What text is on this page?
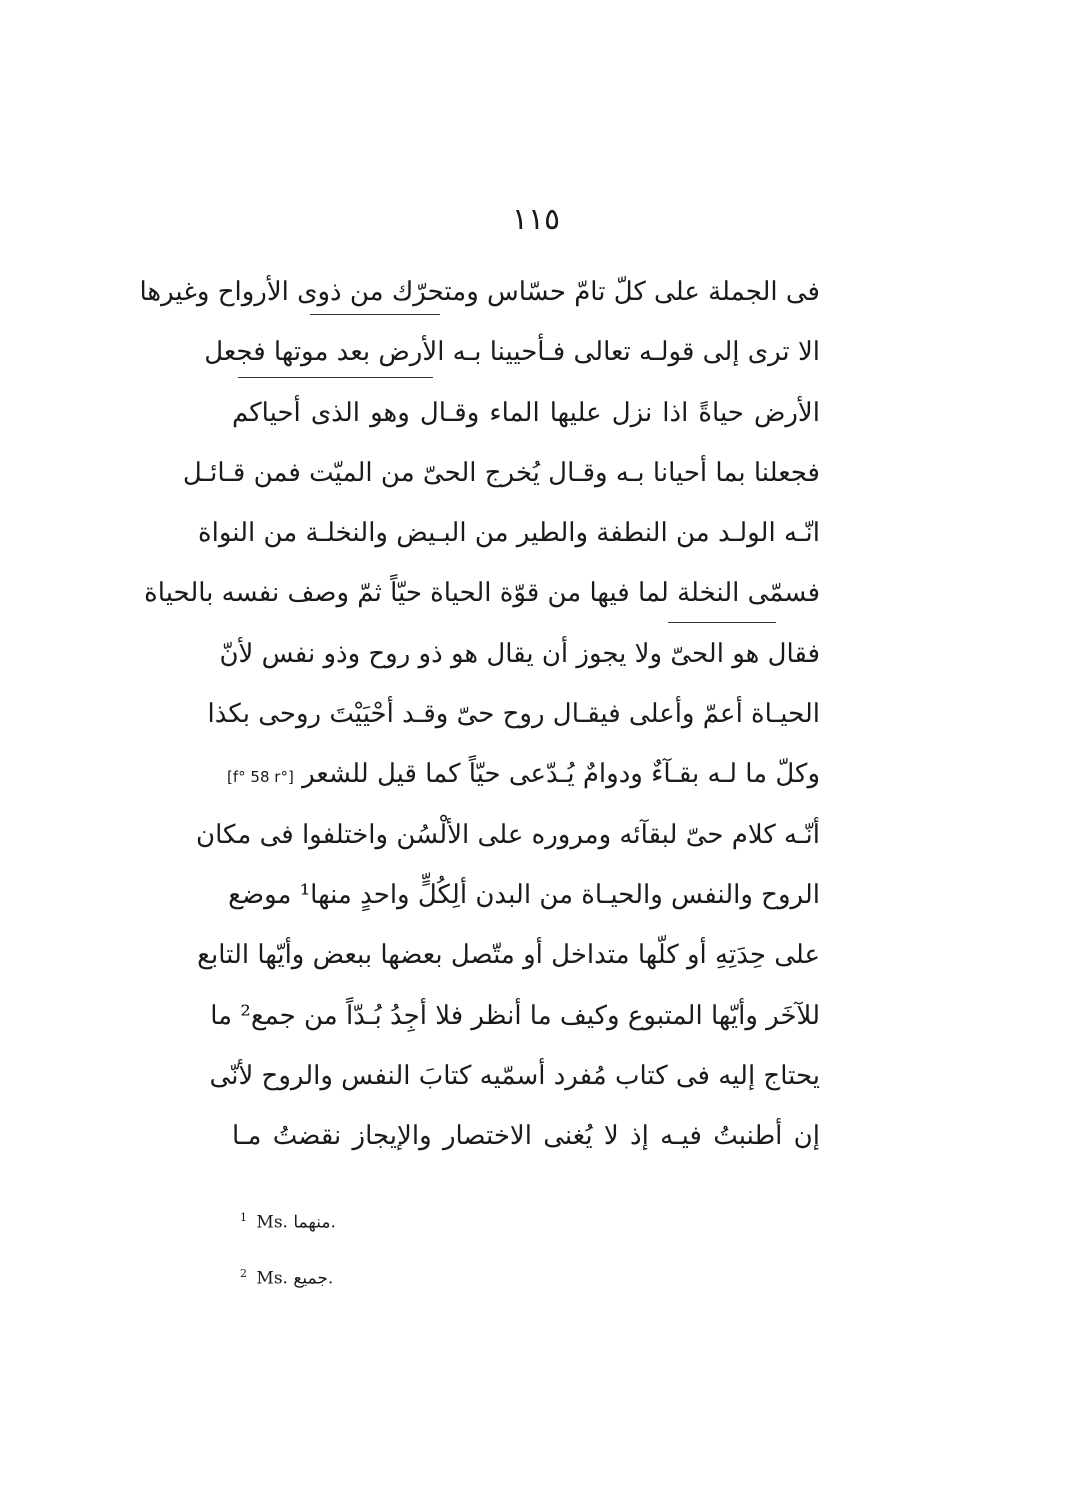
١١٥
فى الجملة على كلّ تامّ حسّاس ومتحرّك من ذوى الأرواح وغيرها
الا ترى إلى قولـه تعالى فـأحيينا بـه الأرض بعد موتها فجعل
الأرض حياةً اذا نزل عليها الماء وقـال وهو الذى أحياكم
فجعلنا بما أحيانا بـه وقـال يُخرج الحىّ من الميّت فمن قـائـل
انّـه الولـد من النطفة والطير من البـيض والنخلـة من النواة
فسمّى النخلة لما فيها من قوّة الحياة حيّاً ثمّ وصف نفسه بالحياة
فقال هو الحىّ ولا يجوز أن يقال هو ذو روح وذو نفس لأنّ
الحيـاة أعمّ وأعلى فيقـال روح حىّ وقـد أحْيَيْتَ روحى بكذا
وكلّ ما لـه بقـآءٌ ودوامٌ يُـدّعى حيّاً كما قيل للشعر [f° 58 r°]
أنّـه كلام حىّ لبقآئه ومروره على الألْسُن واختلفوا فى مكان
الروح والنفس والحيـاة من البدن ألِكُلٍّ واحدٍ منها¹ موضع
على حِدَتِهِ أو كلّها متداخل أو متّصل بعضها ببعض وأيّها التابع
للآخَر وأيّها المتبوع وكيف ما أنظر فلا أجِدُ بُـدّاً من جمع² ما
يحتاج إليه فى كتاب مُفرد أسمّيه كتابَ النفس والروح لأنّى
إن أطنبتُ فيـه إذ لا يُغنى الاختصار والإيجاز نقضتُ مـا
$^1$ Ms. منهما.
$^2$ Ms. جميع.
